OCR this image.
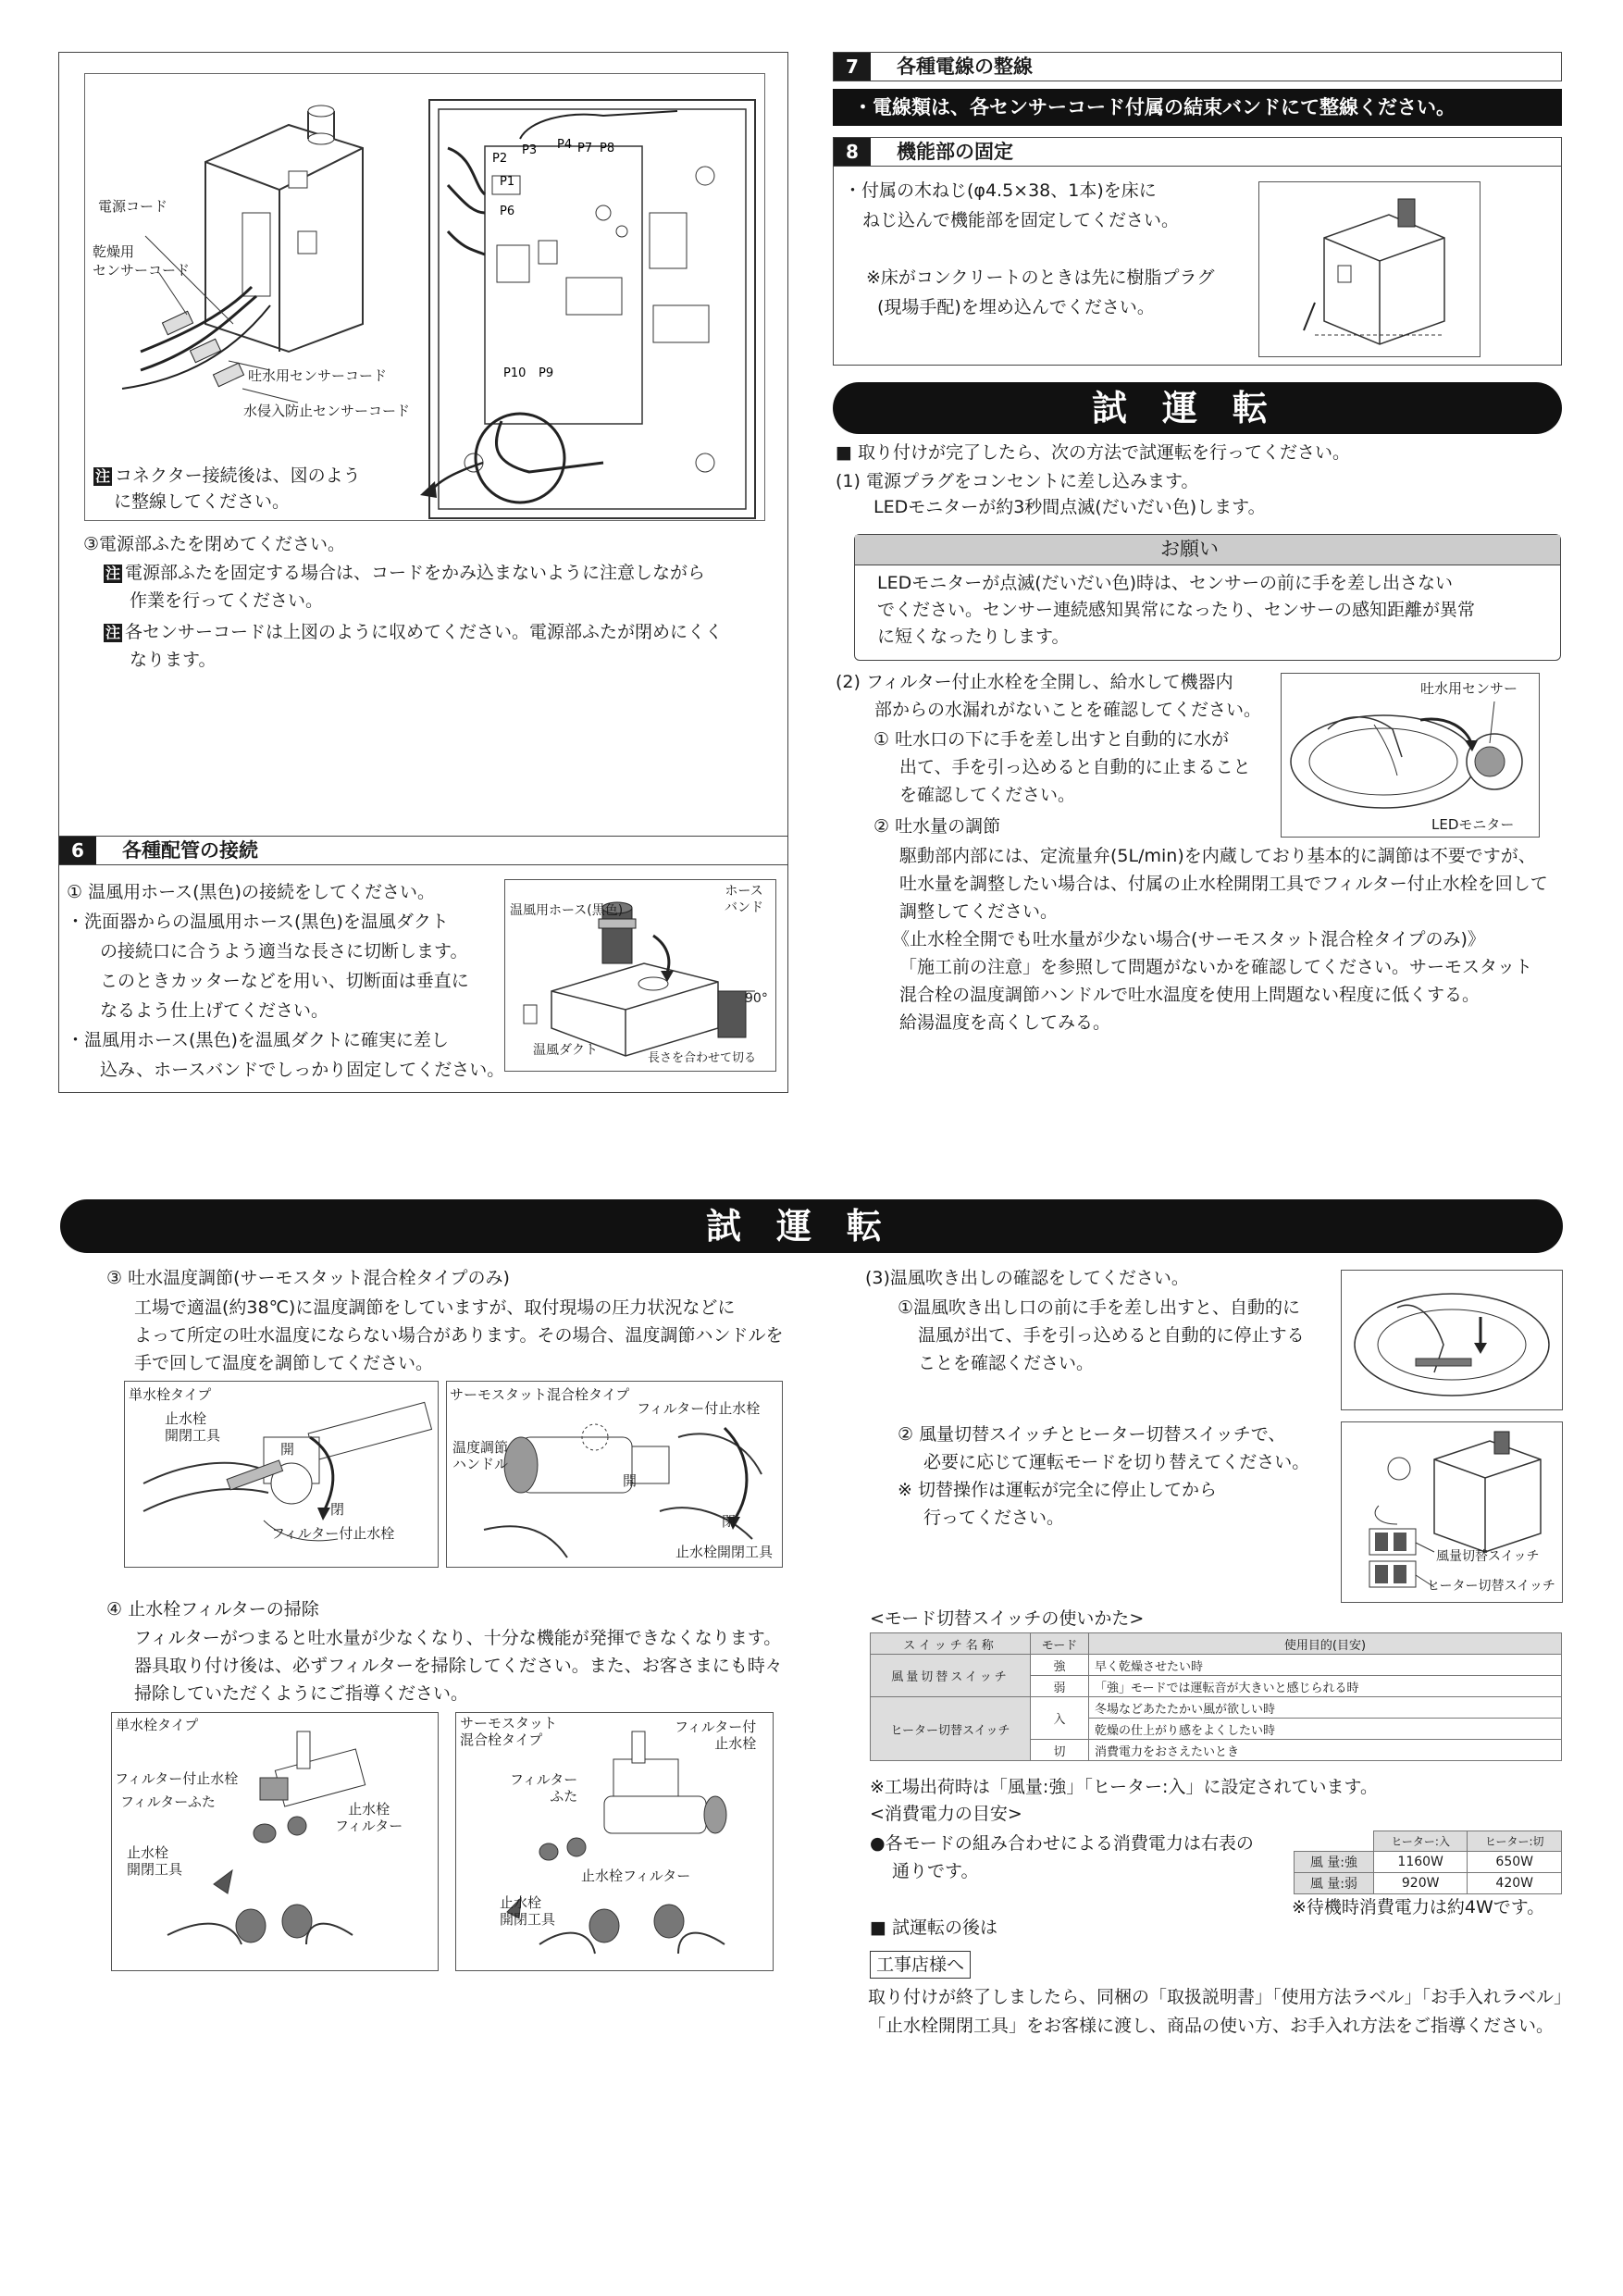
P2
P3 P4 P7 P8
P1
P6
P10 P9
電源コード
乾燥用
センサーコード
吐水用センサーコード
水侵入防止センサーコード
注 コネクター接続後は、図のよう
に整線してください。
③電源部ふたを閉めてください。
注 電源部ふたを固定する場合は、コードをかみ込まないように注意しながら
作業を行ってください。
注 各センサーコードは上図のように収めてください。電源部ふたが閉めにくく
なります。
6	各種配管の接続
① 温風用ホース(黒色)の接続をしてください。
・洗面器からの温風用ホース(黒色)を温風ダクト
の接続口に合うよう適当な長さに切断します。
このときカッターなどを用い、切断面は垂直に
なるよう仕上げてください。
・温風用ホース(黒色)を温風ダクトに確実に差し
込み、ホースバンドでしっかり固定してください。
温風用ホース(黒色)
ホース
バンド
90°
温風ダクト
長さを合わせて切る
7	各種電線の整線
・電線類は、各センサーコード付属の結束バンドにて整線ください。
8	機能部の固定
・付属の木ねじ(φ4.5×38、1本)を床に
ねじ込んで機能部を固定してください。
※床がコンクリートのときは先に樹脂プラグ
(現場手配)を埋め込んでください。
試運転
■ 取り付けが完了したら、次の方法で試運転を行ってください。
(1) 電源プラグをコンセントに差し込みます。
LEDモニターが約3秒間点滅(だいだい色)します。
お願い
LEDモニターが点滅(だいだい色)時は、センサーの前に手を差し出さない
でください。センサー連続感知異常になったり、センサーの感知距離が異常
に短くなったりします。
(2) フィルター付止水栓を全開し、給水して機器内
部からの水漏れがないことを確認してください。
① 吐水口の下に手を差し出すと自動的に水が
出て、手を引っ込めると自動的に止まること
を確認してください。
吐水用センサー
LEDモニター
② 吐水量の調節
駆動部内部には、定流量弁(5L/min)を内蔵しており基本的に調節は不要ですが、
吐水量を調整したい場合は、付属の止水栓開閉工具でフィルター付止水栓を回して
調整してください。
《止水栓全開でも吐水量が少ない場合(サーモスタット混合栓タイプのみ)》
「施工前の注意」を参照して問題がないかを確認してください。サーモスタット
混合栓の温度調節ハンドルで吐水温度を使用上問題ない程度に低くする。
給湯温度を高くしてみる。
試運転
③ 吐水温度調節(サーモスタット混合栓タイプのみ)
工場で適温(約38℃)に温度調節をしていますが、取付現場の圧力状況などに
よって所定の吐水温度にならない場合があります。その場合、温度調節ハンドルを
手で回して温度を調節してください。
単水栓タイプ
止水栓
開閉工具
開
閉
フィルター付止水栓
サーモスタット混合栓タイプ
フィルター付止水栓
温度調節
ハンドル
開
閉
止水栓開閉工具
④ 止水栓フィルターの掃除
フィルターがつまると吐水量が少なくなり、十分な機能が発揮できなくなります。
器具取り付け後は、必ずフィルターを掃除してください。また、お客さまにも時々
掃除していただくようにご指導ください。
単水栓タイプ
フィルター付止水栓
フィルターふた	止水栓
フィルター
止水栓
開閉工具
サーモスタット
混合栓タイプ
フィルター付
止水栓
フィルター
ふた
止水栓フィルター
止水栓
開閉工具
(3)温風吹き出しの確認をしてください。
①温風吹き出し口の前に手を差し出すと、自動的に
温風が出て、手を引っ込めると自動的に停止する
ことを確認ください。
② 風量切替スイッチとヒーター切替スイッチで、
必要に応じて運転モードを切り替えてください。
※ 切替操作は運転が完全に停止してから
行ってください。
風量切替スイッチ
ヒーター切替スイッチ
<モード切替スイッチの使いかた>
スイッチ名称	モード	使用目的(目安)
風量切替スイッチ	強	早く乾燥させたい時
	弱	「強」モードでは運転音が大きいと感じられる時
ヒーター切替スイッチ	入	冬場などあたたかい風が欲しい時
		乾燥の仕上がり感をよくしたい時
	切	消費電力をおさえたいとき
※工場出荷時は「風量:強」「ヒーター:入」に設定されています。
<消費電力の目安>
●各モードの組み合わせによる消費電力は右表の
通りです。
	ヒーター:入	ヒーター:切
風 量:強	1160W	650W
風 量:弱	920W	420W
※待機時消費電力は約4Wです。
■ 試運転の後は
工事店様へ
取り付けが終了しましたら、同梱の「取扱説明書」「使用方法ラベル」「お手入れラベル」
「止水栓開閉工具」をお客様に渡し、商品の使い方、お手入れ方法をご指導ください。
